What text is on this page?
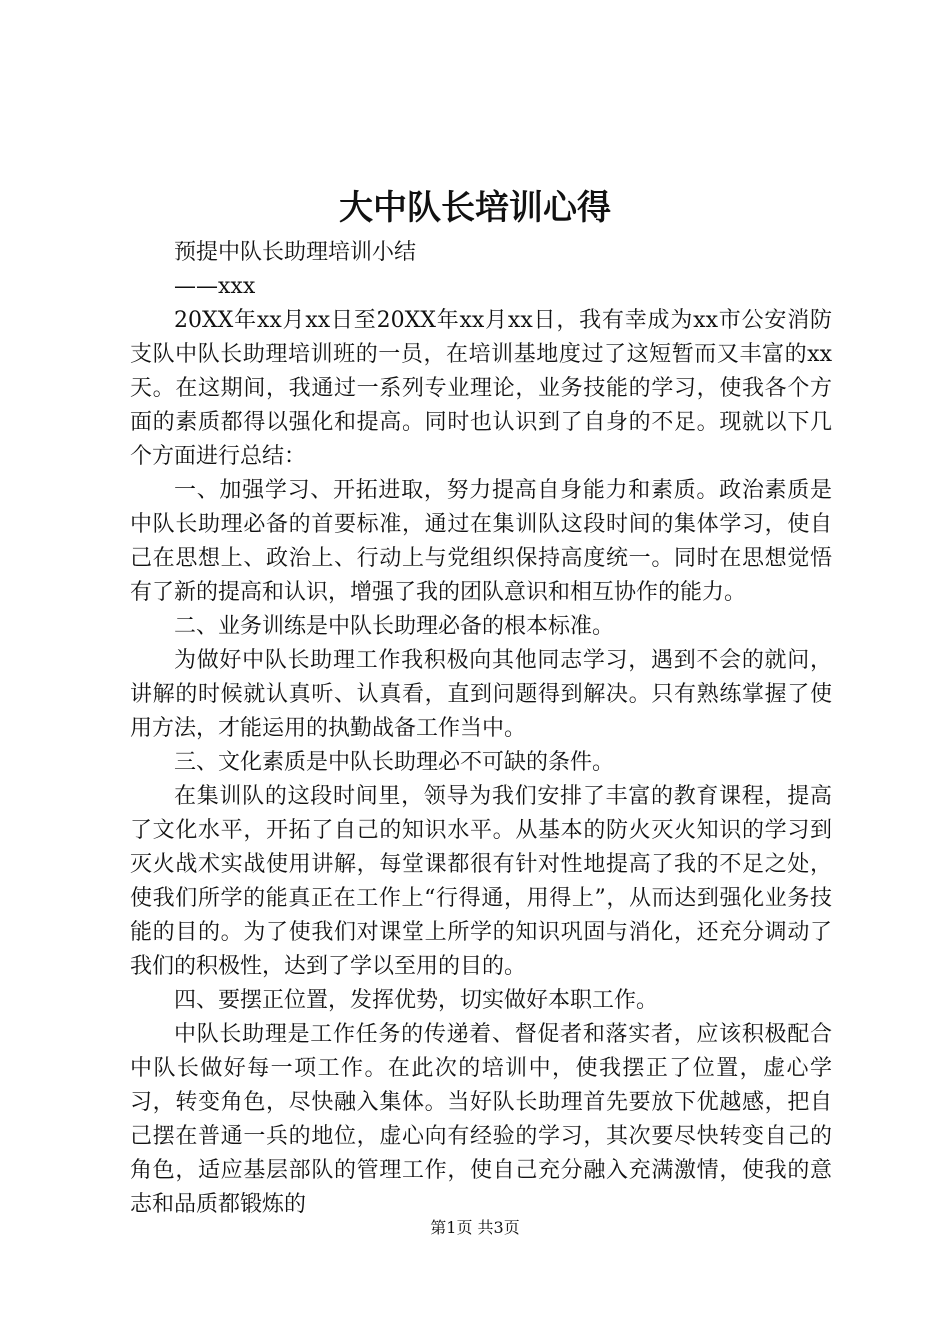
大中队长培训心得

预提中队长助理培训小结

——xxx

20XX年xx月xx日至20XX年xx月xx日，我有幸成为xx市公安消防支队中队长助理培训班的一员，在培训基地度过了这短暂而又丰富的xx天。在这期间，我通过一系列专业理论，业务技能的学习，使我各个方面的素质都得以强化和提高。同时也认识到了自身的不足。现就以下几个方面进行总结：

一、加强学习、开拓进取，努力提高自身能力和素质。政治素质是中队长助理必备的首要标准，通过在集训队这段时间的集体学习，使自己在思想上、政治上、行动上与党组织保持高度统一。同时在思想觉悟有了新的提高和认识，增强了我的团队意识和相互协作的能力。

二、业务训练是中队长助理必备的根本标准。

为做好中队长助理工作我积极向其他同志学习，遇到不会的就问，讲解的时候就认真听、认真看，直到问题得到解决。只有熟练掌握了使用方法，才能运用的执勤战备工作当中。

三、文化素质是中队长助理必不可缺的条件。

在集训队的这段时间里，领导为我们安排了丰富的教育课程，提高了文化水平，开拓了自己的知识水平。从基本的防火灭火知识的学习到灭火战术实战使用讲解，每堂课都很有针对性地提高了我的不足之处，使我们所学的能真正在工作上“行得通，用得上”，从而达到强化业务技能的目的。为了使我们对课堂上所学的知识巩固与消化，还充分调动了我们的积极性，达到了学以至用的目的。

四、要摆正位置，发挥优势，切实做好本职工作。

中队长助理是工作任务的传递着、督促者和落实者，应该积极配合中队长做好每一项工作。在此次的培训中，使我摆正了位置，虚心学习，转变角色，尽快融入集体。当好队长助理首先要放下优越感，把自己摆在普通一兵的地位，虚心向有经验的学习，其次要尽快转变自己的角色，适应基层部队的管理工作，使自己充分融入充满激情，使我的意志和品质都锻炼的

第1页 共3页
